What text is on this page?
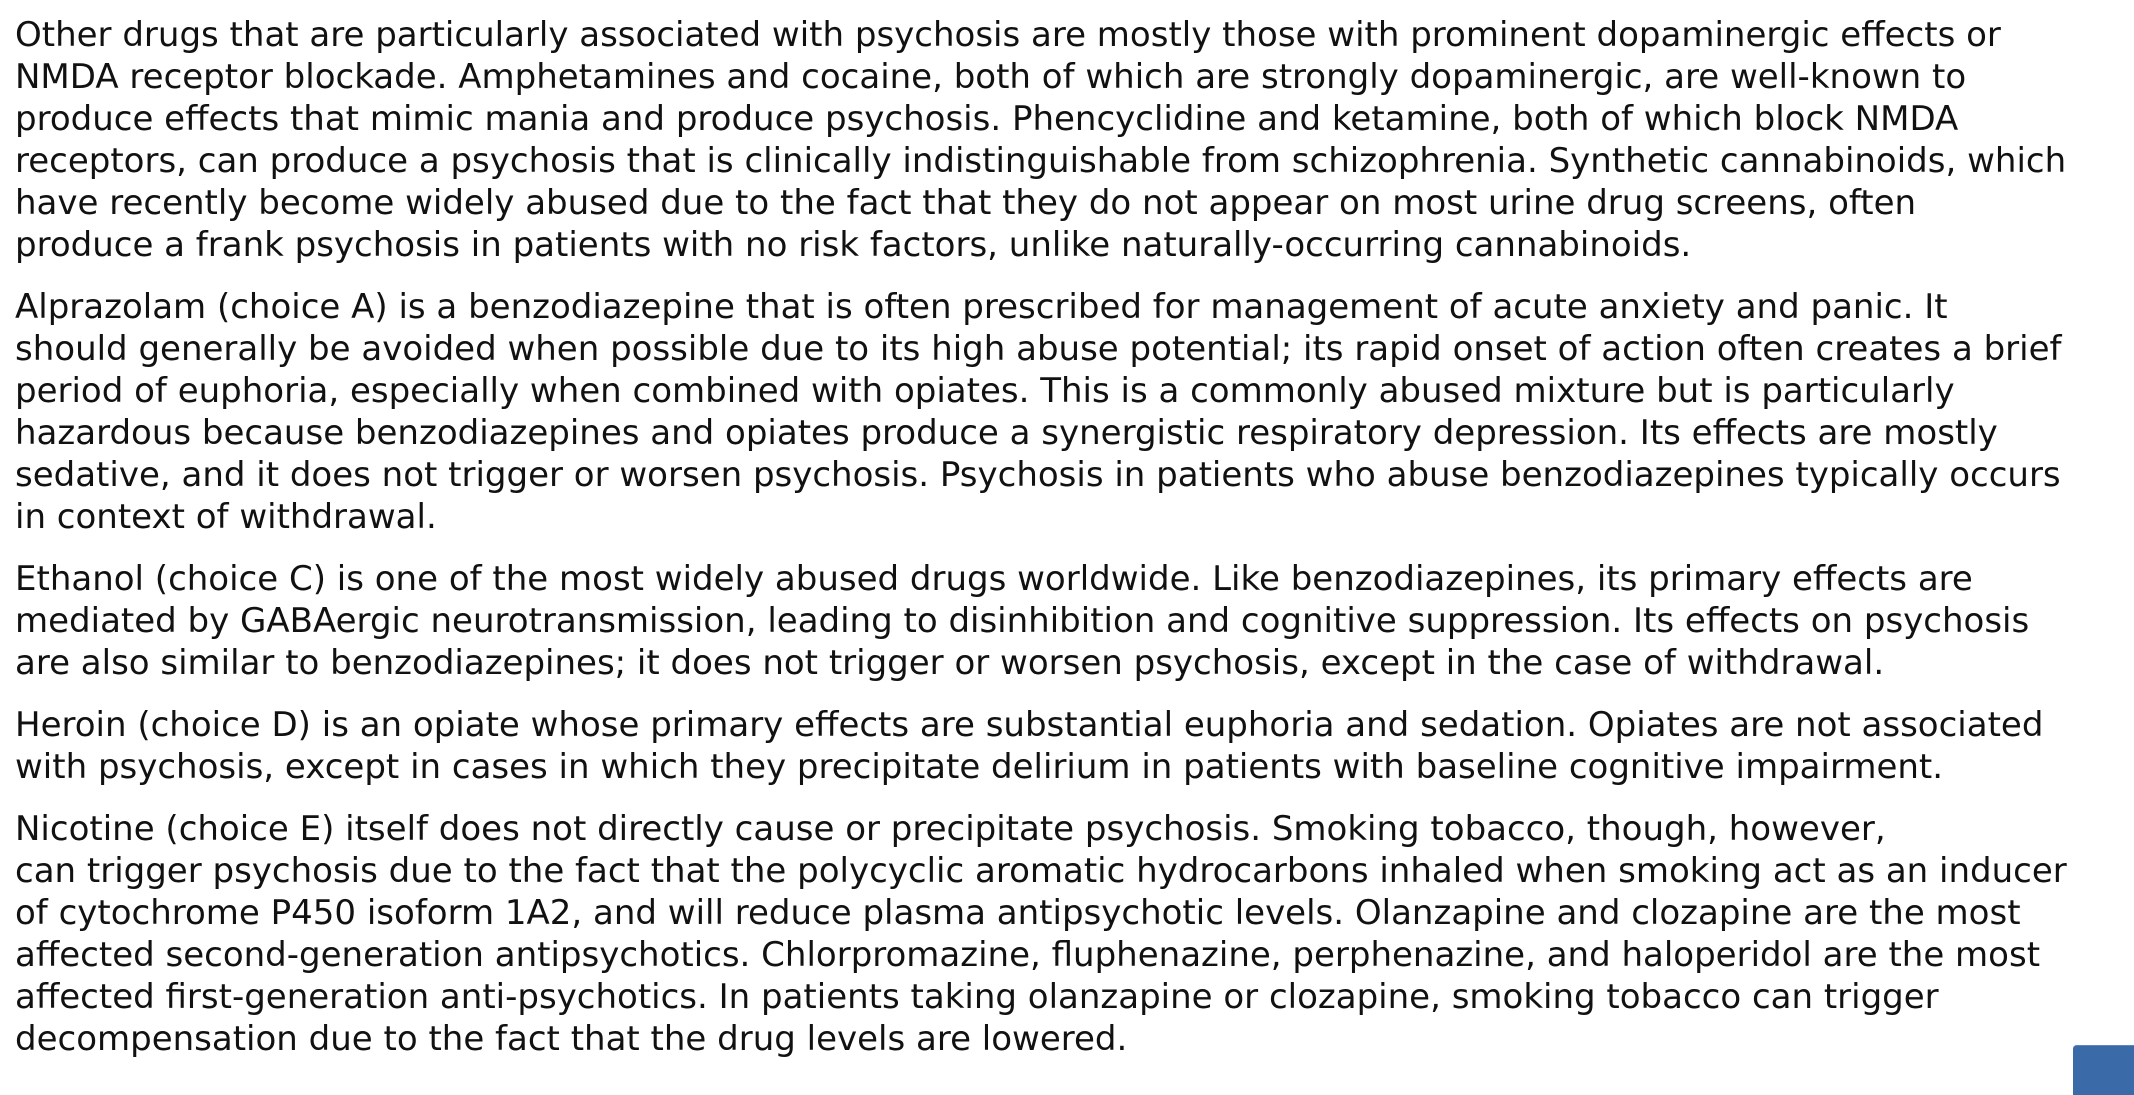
Other drugs that are particularly associated with psychosis are mostly those with prominent dopaminergic effects or
NMDA receptor blockade. Amphetamines and cocaine, both of which are strongly dopaminergic, are well-known to
produce effects that mimic mania and produce psychosis. Phencyclidine and ketamine, both of which block NMDA
receptors, can produce a psychosis that is clinically indistinguishable from schizophrenia. Synthetic cannabinoids, which
have recently become widely abused due to the fact that they do not appear on most urine drug screens, often
produce a frank psychosis in patients with no risk factors, unlike naturally-occurring cannabinoids.

Alprazolam (choice A) is a benzodiazepine that is often prescribed for management of acute anxiety and panic. It
should generally be avoided when possible due to its high abuse potential; its rapid onset of action often creates a brief
period of euphoria, especially when combined with opiates. This is a commonly abused mixture but is particularly
hazardous because benzodiazepines and opiates produce a synergistic respiratory depression. Its effects are mostly
sedative, and it does not trigger or worsen psychosis. Psychosis in patients who abuse benzodiazepines typically occurs
in context of withdrawal.

Ethanol (choice C) is one of the most widely abused drugs worldwide. Like benzodiazepines, its primary effects are
mediated by GABAergic neurotransmission, leading to disinhibition and cognitive suppression. Its effects on psychosis
are also similar to benzodiazepines; it does not trigger or worsen psychosis, except in the case of withdrawal.

Heroin (choice D) is an opiate whose primary effects are substantial euphoria and sedation. Opiates are not associated
with psychosis, except in cases in which they precipitate delirium in patients with baseline cognitive impairment.

Nicotine (choice E) itself does not directly cause or precipitate psychosis. Smoking tobacco, though, however,
can trigger psychosis due to the fact that the polycyclic aromatic hydrocarbons inhaled when smoking act as an inducer
of cytochrome P450 isoform 1A2, and will reduce plasma antipsychotic levels. Olanzapine and clozapine are the most
affected second-generation antipsychotics. Chlorpromazine, fluphenazine, perphenazine, and haloperidol are the most
affected first-generation anti-psychotics. In patients taking olanzapine or clozapine, smoking tobacco can trigger
decompensation due to the fact that the drug levels are lowered.
